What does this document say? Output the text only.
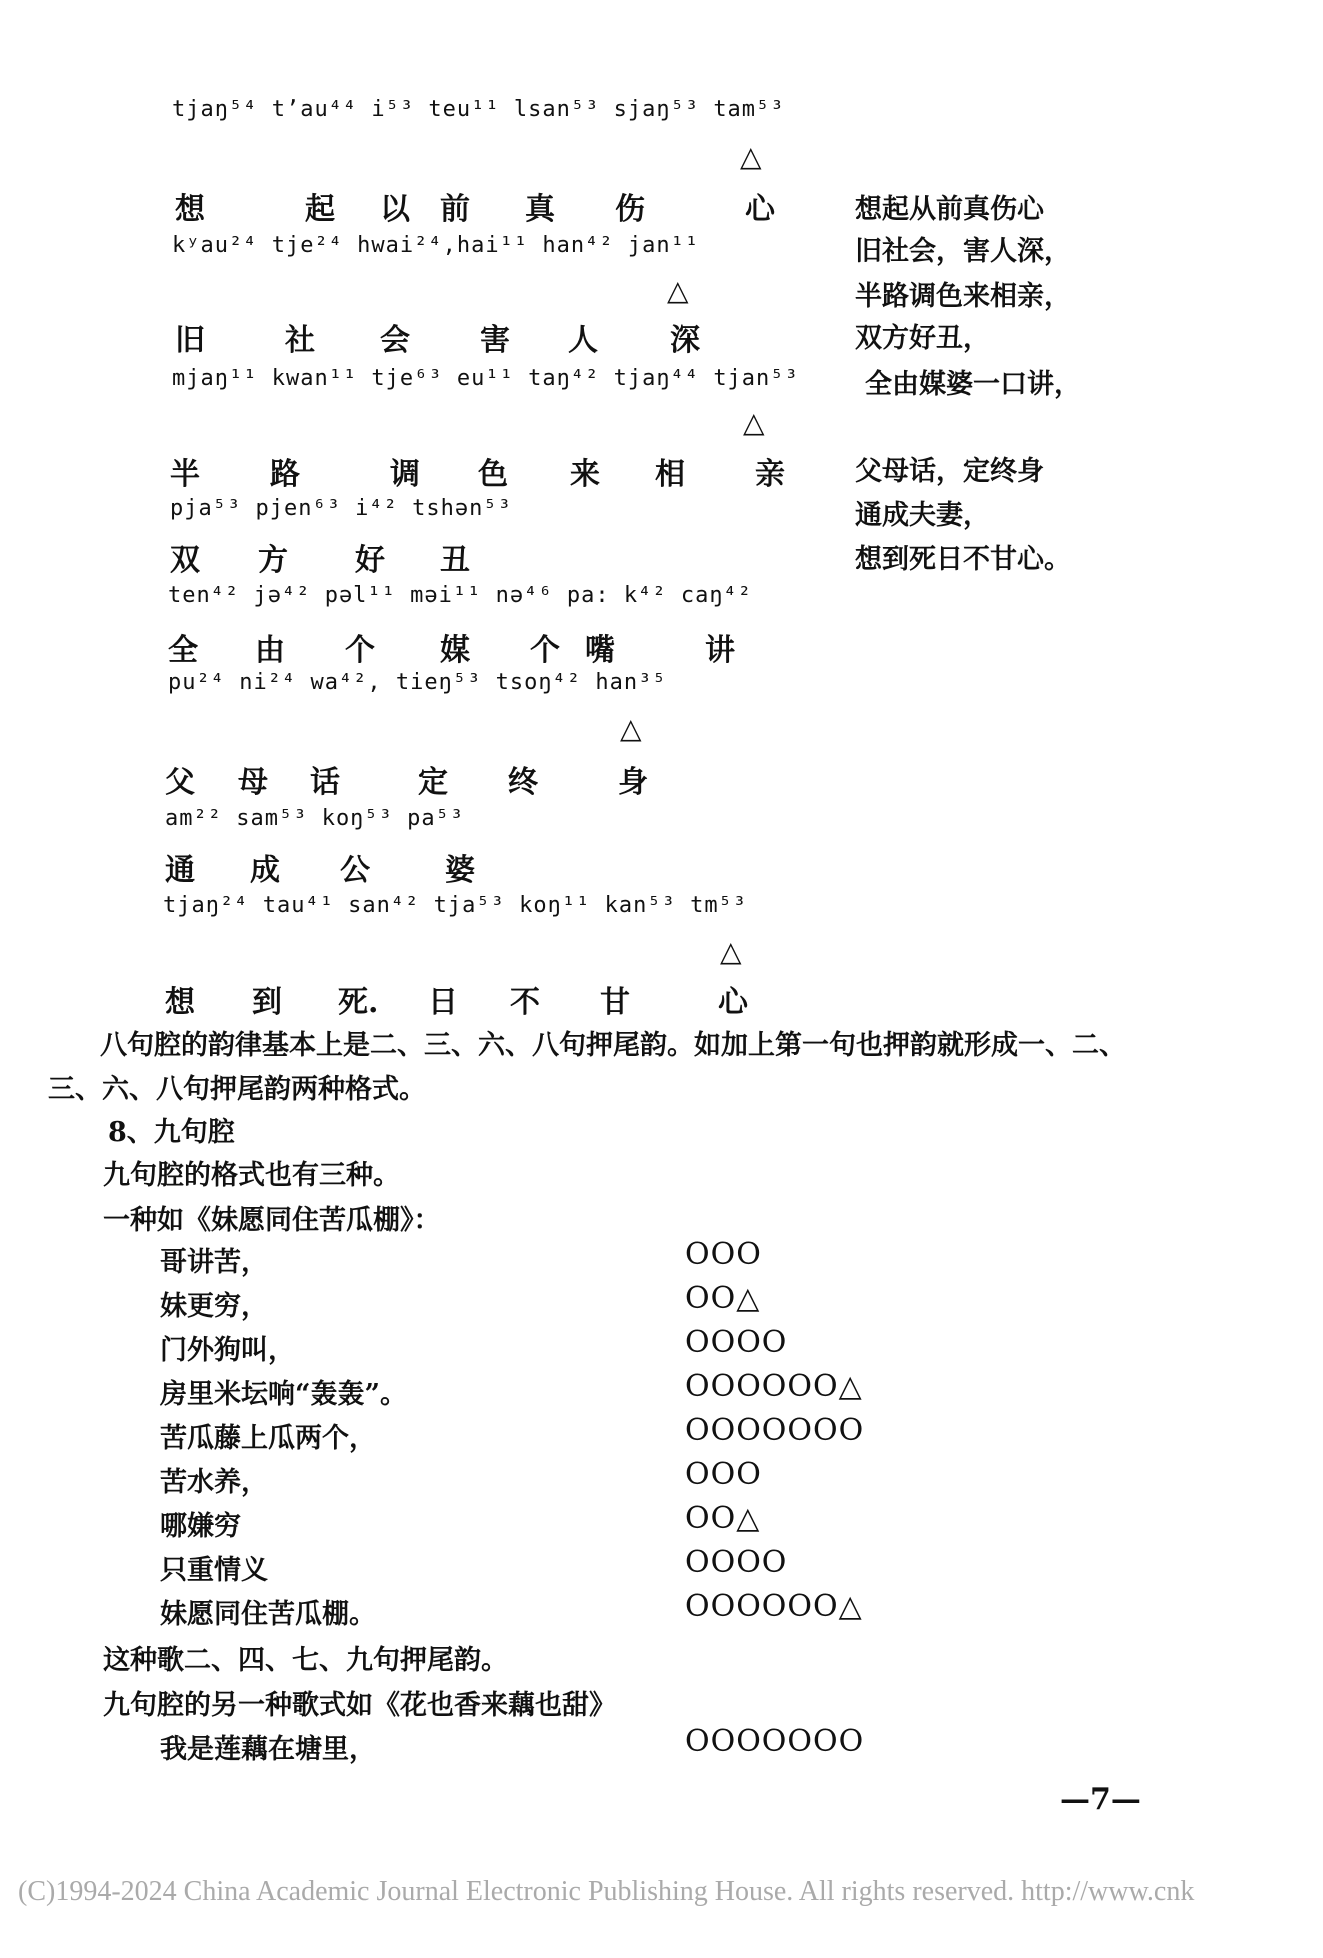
tjaŋ⁵⁴ tʼau⁴⁴ i⁵³ teu¹¹ lsan⁵³ sjaŋ⁵³ tam⁵³
△
想	起 以 前 真 伤	心
kʸau²⁴ tje²⁴ hwai²⁴,hai¹¹ han⁴² jan¹¹
△
旧	社 会 害 人 深
mjaŋ¹¹ kwan¹¹ tje⁶³ eu¹¹ taŋ⁴² tjaŋ⁴⁴ tjan⁵³
△
半 路	调 色 来 相 亲
pja⁵³ pjen⁶³ i⁴² tshən⁵³
双 方 好 丑
ten⁴² jə⁴² pəl¹¹ məi¹¹ nə⁴⁶ pa: k⁴² caŋ⁴²
全 由 个 媒 个 嘴	讲
pu²⁴ ni²⁴ wa⁴², tieŋ⁵³ tsoŋ⁴² han³⁵
△
父 母 话	定 终	身
am²² sam⁵³ koŋ⁵³ pa⁵³
通 成 公	婆
tjaŋ²⁴ tau⁴¹ san⁴² tja⁵³ koŋ¹¹ kan⁵³ tm⁵³
△
想 到 死. 日 不 甘	心
想起从前真伤心
旧社会，害人深，
半路调色来相亲，
双方好丑，
全由媒婆一口讲，
父母话，定终身
通成夫妻，
想到死日不甘心。
八句腔的韵律基本上是二、三、六、八句押尾韵。如加上第一句也押韵就形成一、二、
三、六、八句押尾韵两种格式。
8、九句腔
九句腔的格式也有三种。
一种如《妹愿同住苦瓜棚》：
哥讲苦，	OOO
妹更穷，	OO△
门外狗叫，	OOOO
房里米坛响“轰轰”。	OOOOOO△
苦瓜藤上瓜两个，	OOOOOOO
苦水养，	OOO
哪嫌穷	OO△
只重情义	OOOO
妹愿同住苦瓜棚。	OOOOOO△
这种歌二、四、七、九句押尾韵。
九句腔的另一种歌式如《花也香来藕也甜》
我是莲藕在塘里，	OOOOOOO
—7—
(C)1994-2024 China Academic Journal Electronic Publishing House. All rights reserved. http://www.cnk
